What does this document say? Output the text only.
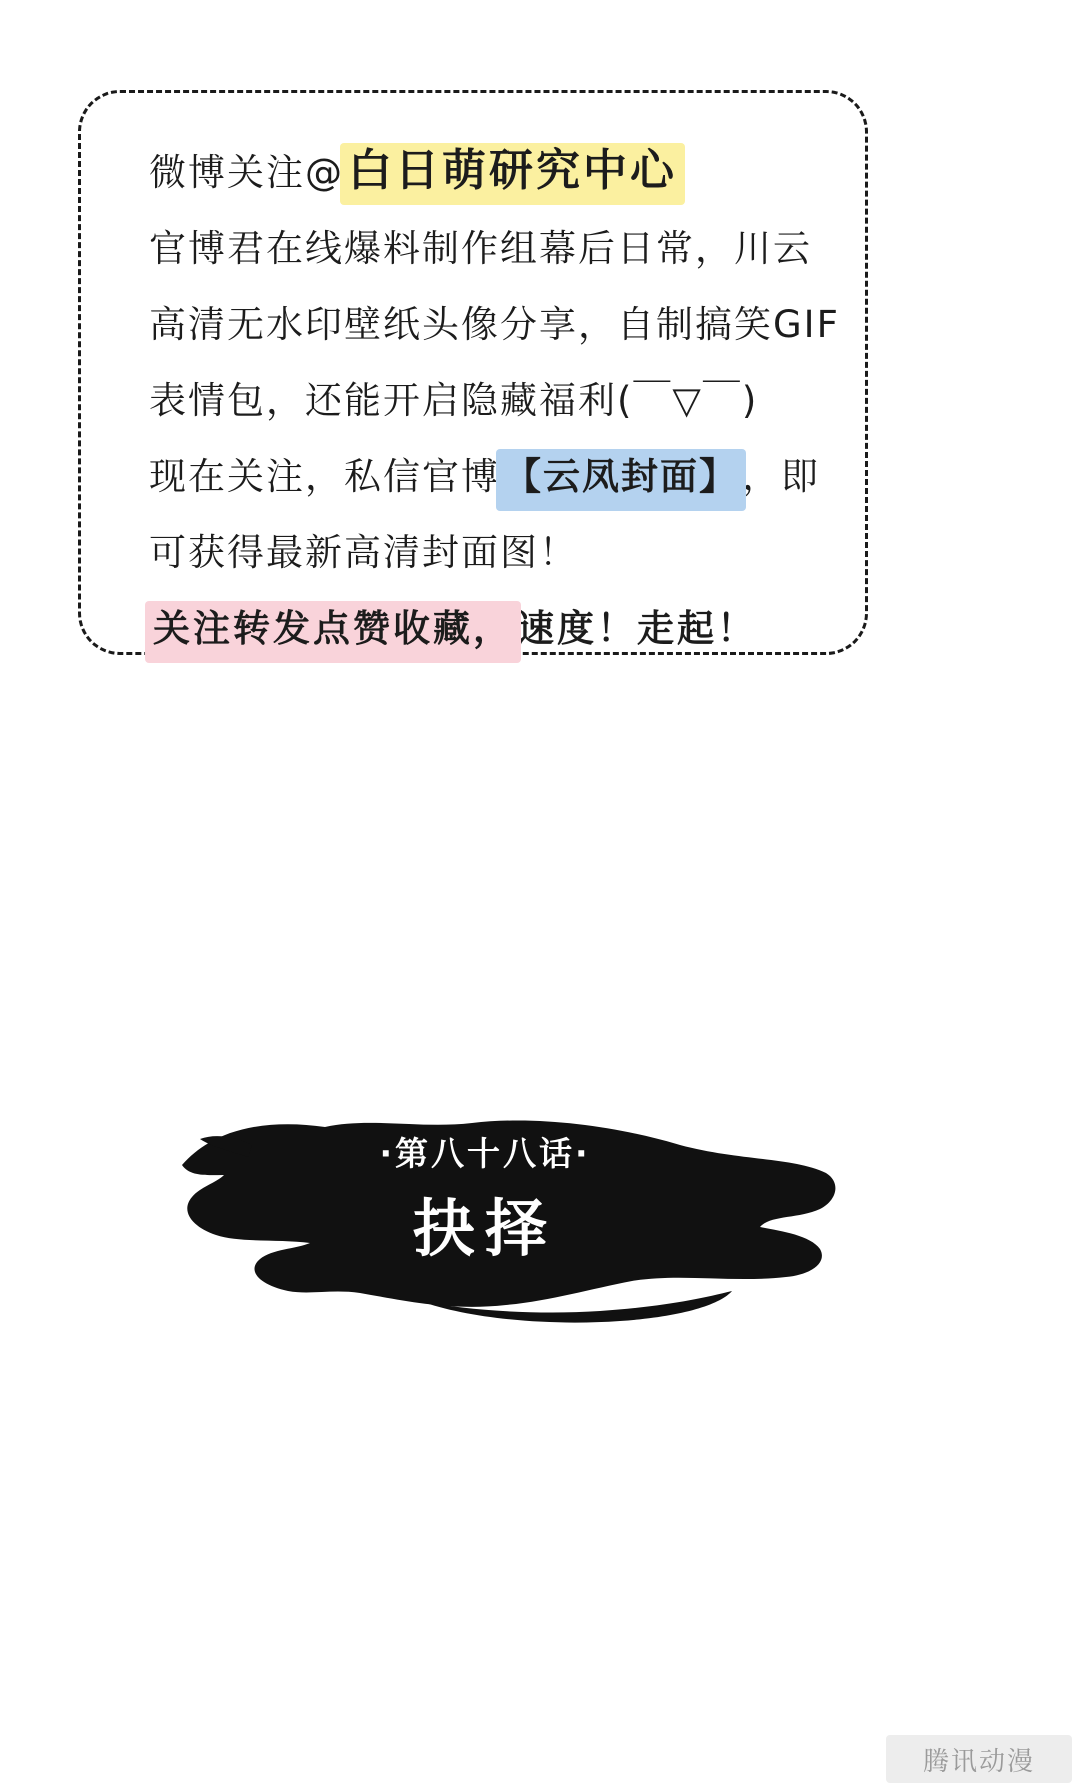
微博关注@白日萌研究中心
官博君在线爆料制作组幕后日常，川云
高清无水印壁纸头像分享，自制搞笑GIF
表情包，还能开启隐藏福利(￣▽￣)
现在关注，私信官博 【云凤封面】 ，即
可获得最新高清封面图！
关注转发点赞收藏， 速度！走起！
·第八十八话·
抉择
腾讯动漫
